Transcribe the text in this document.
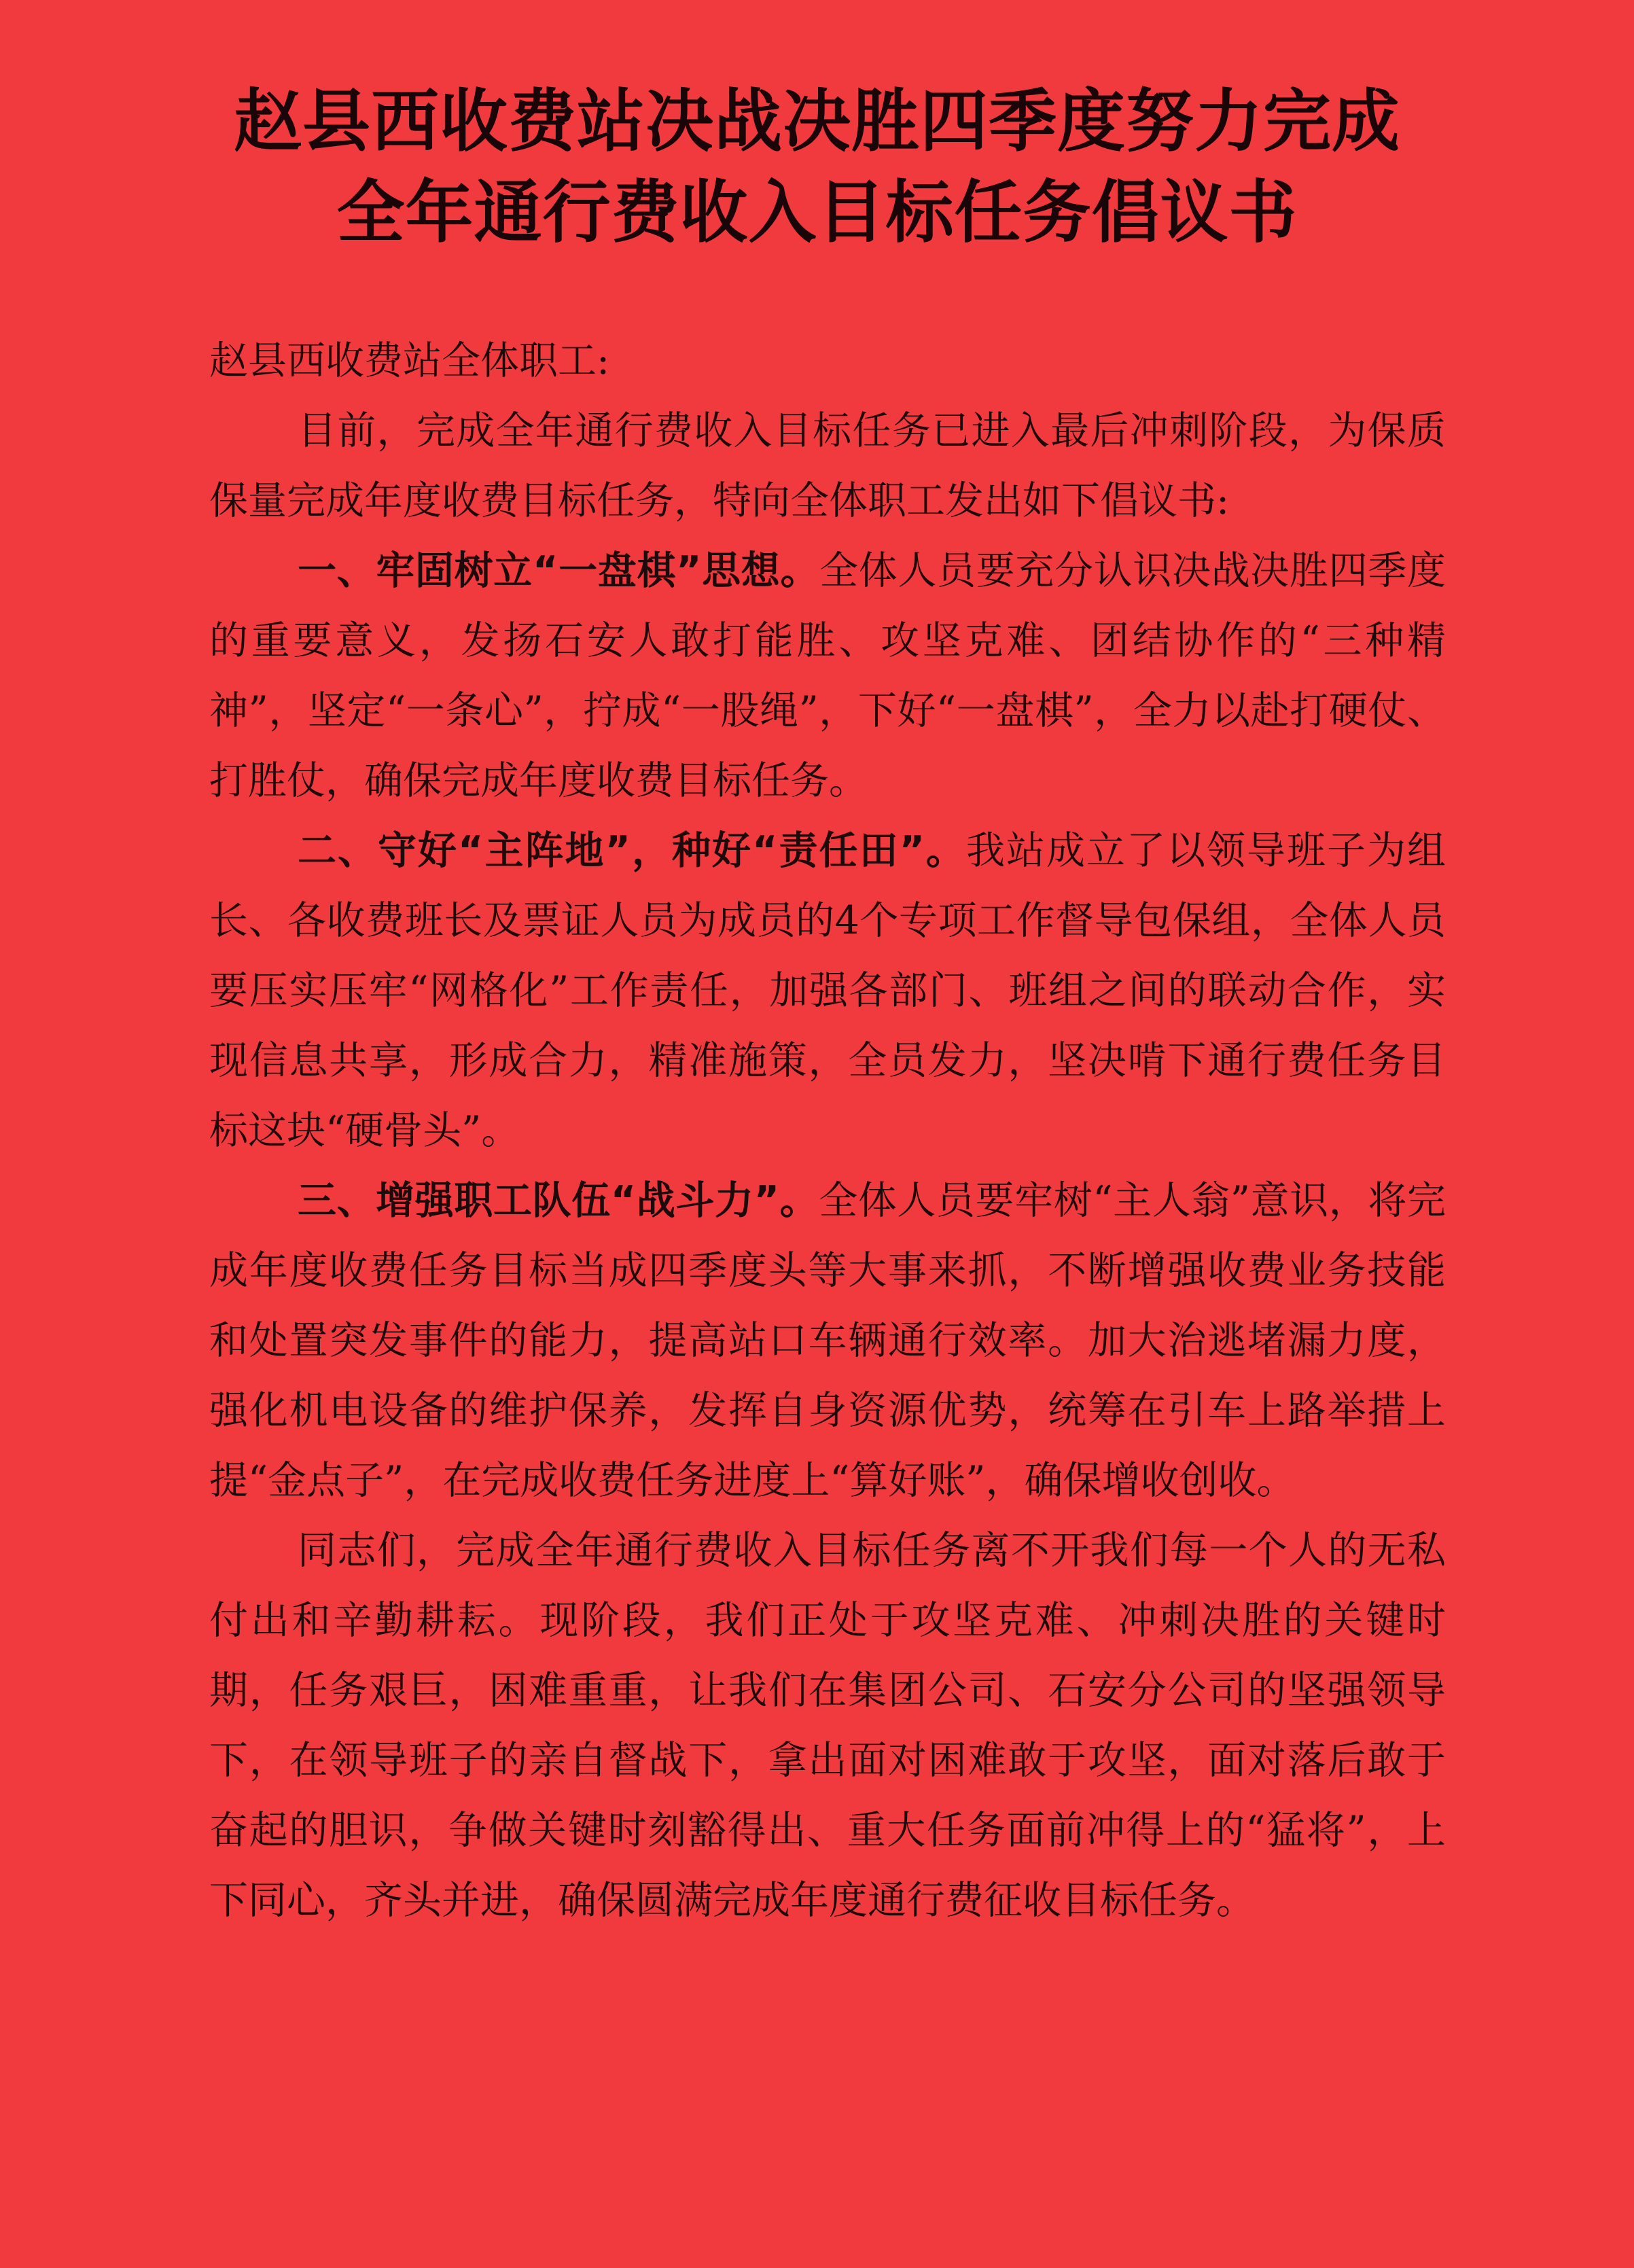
赵县西收费站决战决胜四季度努力完成
全年通行费收入目标任务倡议书
赵县西收费站全体职工:

目前，完成全年通行费收入目标任务已进入最后冲刺阶段，为保质保量完成年度收费目标任务，特向全体职工发出如下倡议书:

一、牢固树立“一盘棋”思想。全体人员要充分认识决战决胜四季度的重要意义，发扬石安人敢打能胜、攻坚克难、团结协作的“三种精神”，坚定“一条心”，拧成“一股绳”，下好“一盘棋”，全力以赴打硬仗、打胜仗，确保完成年度收费目标任务。

二、守好“主阵地”，种好“责任田”。我站成立了以领导班子为组长、各收费班长及票证人员为成员的4个专项工作督导包保组，全体人员要压实压牢“网格化”工作责任，加强各部门、班组之间的联动合作，实现信息共享，形成合力，精准施策，全员发力，坚决啃下通行费任务目标这块“硬骨头”。

三、增强职工队伍“战斗力”。全体人员要牢树“主人翁”意识，将完成年度收费任务目标当成四季度头等大事来抓，不断增强收费业务技能和处置突发事件的能力，提高站口车辆通行效率。加大治逃堵漏力度，强化机电设备的维护保养，发挥自身资源优势，统筹在引车上路举措上提“金点子”，在完成收费任务进度上“算好账”，确保增收创收。

同志们，完成全年通行费收入目标任务离不开我们每一个人的无私付出和辛勤耕耘。现阶段，我们正处于攻坚克难、冲刺决胜的关键时期，任务艰巨，困难重重，让我们在集团公司、石安分公司的坚强领导下，在领导班子的亲自督战下，拿出面对困难敢于攻坚，面对落后敢于奋起的胆识，争做关键时刻豁得出、重大任务面前冲得上的“猛将”，上下同心，齐头并进，确保圆满完成年度通行费征收目标任务。
